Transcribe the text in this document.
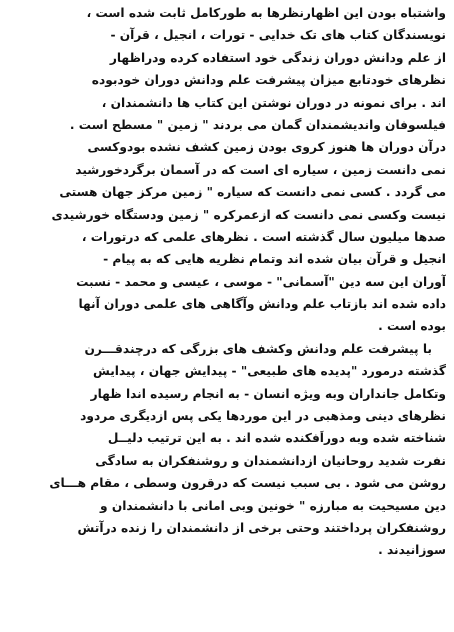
واشتباه بودن این اظهارنظرها به طورکامل ثابت شده است ،
نویسندگان کتاب های تک خدایی - تورات ، انجیل ، قرآن -
از علم ودانش دوران زندگی خود استفاده کرده ودراظهار
نظرهای خودتابع میزان پیشرفت علم ودانش دوران خودبوده
اند . برای نمونه در دوران نوشتن این کتاب ها دانشمندان ،
فیلسوفان واندیشمندان گمان می بردند " زمین " مسطح است .
درآن دوران ها هنوز کروی بودن زمین کشف نشده بودوکسی
نمی دانست زمین ، سیاره ای است که در آسمان برگردخورشید
می گردد . کسی نمی دانست که سیاره " زمین مرکز جهان هستی
نیست وکسی نمی دانست که ازعمرکره " زمین ودستگاه خورشیدی
صدها میلیون سال گذشته است . نظرهای علمی که درتورات ،
انجیل و قرآن بیان شده اند وتمام نظریه هایی که به پیام -
آوران این سه دین "آسمانی" - موسی ، عیسی و محمد - نسبت
داده شده اند بازتاب علم ودانش وآگاهی های علمی دوران آنها
بوده است .
با پیشرفت علم ودانش وکشف های بزرگی که درچندقـــرن
گذشته درمورد "پدیده های طبیعی" - پیدایش جهان ، پیدایش
وتکامل جانداران وبه ویژه انسان - به انجام رسیده اندا ظهار
نظرهای دینی ومذهبی در این موردها یکی پس ازدیگری مردود
شناخته شده وبه دوراَفکنده شده اند . به این ترتیب دلیــل
نفرت شدید روحانیان ازدانشمندان و روشنفکران به سادگی
روشن می شود . بی سبب نیست که درقرون وسطی ، مقام هـــای
دین مسیحیت به مبارزه " خونین وبی امانی با دانشمندان و
روشنفکران پرداختند وحتی برخی از دانشمندان را زنده درآتش
سوزانیدند .
